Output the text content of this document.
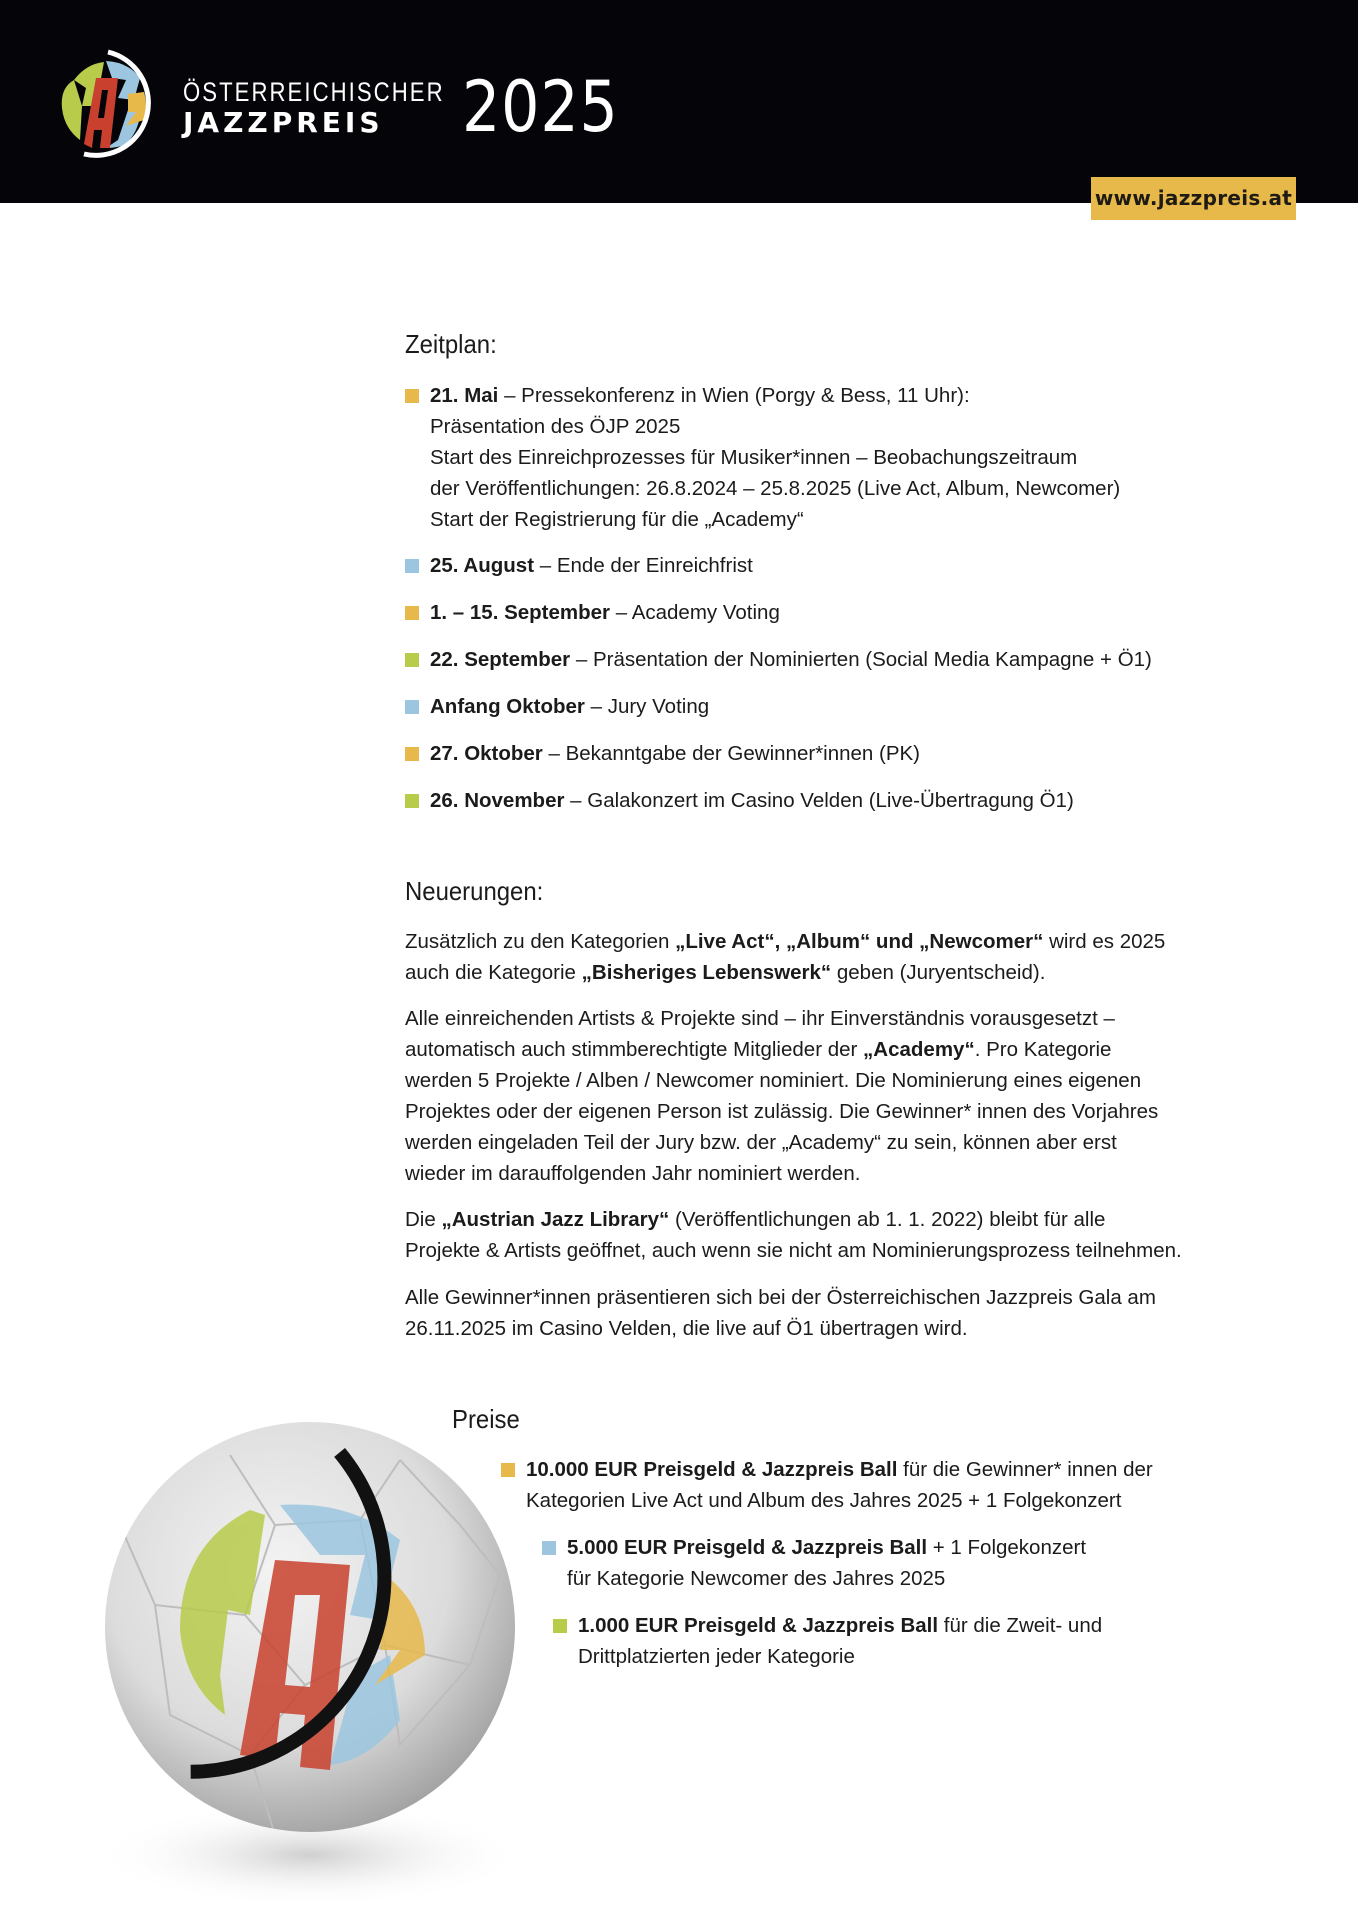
ÖSTERREICHISCHER
JAZZPREIS 2025
www.jazzpreis.at
Zeitplan:
21. Mai – Pressekonferenz in Wien (Porgy & Bess, 11 Uhr):
Präsentation des ÖJP 2025
Start des Einreichprozesses für Musiker*innen – Beobachungszeitraum
der Veröffentlichungen: 26.8.2024 – 25.8.2025 (Live Act, Album, Newcomer)
Start der Registrierung für die „Academy“
25. August – Ende der Einreichfrist
1. – 15. September – Academy Voting
22. September – Präsentation der Nominierten (Social Media Kampagne + Ö1)
Anfang Oktober – Jury Voting
27. Oktober – Bekanntgabe der Gewinner*innen (PK)
26. November – Galakonzert im Casino Velden (Live-Übertragung Ö1)
Neuerungen:
Zusätzlich zu den Kategorien „Live Act“, „Album“ und „Newcomer“ wird es 2025
auch die Kategorie „Bisheriges Lebenswerk“ geben (Juryentscheid).
Alle einreichenden Artists & Projekte sind – ihr Einverständnis vorausgesetzt –
automatisch auch stimmberechtigte Mitglieder der „Academy“. Pro Kategorie
werden 5 Projekte / Alben / Newcomer nominiert. Die Nominierung eines eigenen
Projektes oder der eigenen Person ist zulässig. Die Gewinner* innen des Vorjahres
werden eingeladen Teil der Jury bzw. der „Academy“ zu sein, können aber erst
wieder im darauffolgenden Jahr nominiert werden.
Die „Austrian Jazz Library“ (Veröffentlichungen ab 1. 1. 2022) bleibt für alle
Projekte & Artists geöffnet, auch wenn sie nicht am Nominierungsprozess teilnehmen.
Alle Gewinner*innen präsentieren sich bei der Österreichischen Jazzpreis Gala am
26.11.2025 im Casino Velden, die live auf Ö1 übertragen wird.
Preise
10.000 EUR Preisgeld & Jazzpreis Ball für die Gewinner* innen der
Kategorien Live Act und Album des Jahres 2025 + 1 Folgekonzert
5.000 EUR Preisgeld & Jazzpreis Ball + 1 Folgekonzert
für Kategorie Newcomer des Jahres 2025
1.000 EUR Preisgeld & Jazzpreis Ball für die Zweit- und
Drittplatzierten jeder Kategorie
